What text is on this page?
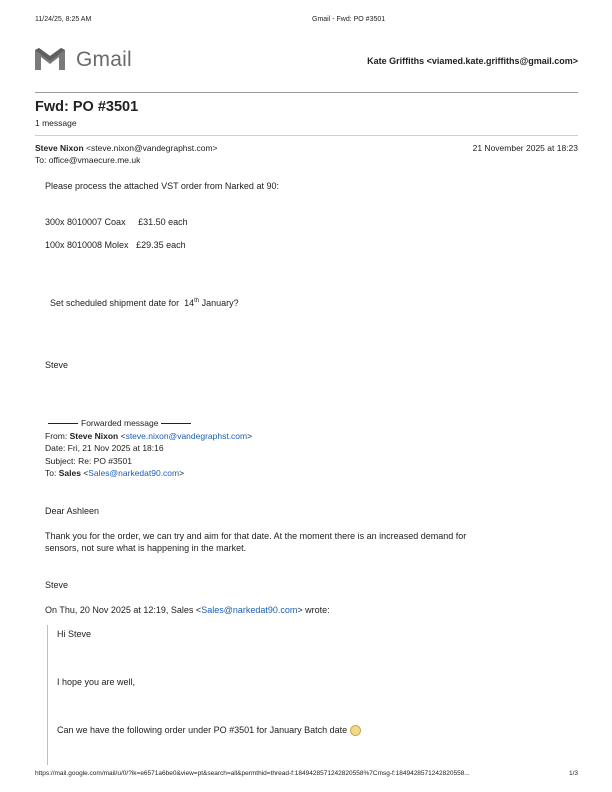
11/24/25, 8:25 AM	Gmail - Fwd: PO #3501
Gmail	Kate Griffiths <viamed.kate.griffiths@gmail.com>
Fwd: PO #3501
1 message
Steve Nixon <steve.nixon@vandegraphst.com>	21 November 2025 at 18:23
To: office@vmaecure.me.uk
Please process the attached VST order from Narked at 90:
300x 8010007 Coax     £31.50 each
100x 8010008 Molex   £29.35 each

Set scheduled shipment date for  14th January?

Steve
Forwarded message
From: Steve Nixon <steve.nixon@vandegraphst.com>
Date: Fri, 21 Nov 2025 at 18:16
Subject: Re: PO #3501
To: Sales <Sales@narkedat90.com>
Dear Ashleen
Thank you for the order, we can try and aim for that date. At the moment there is an increased demand for
sensors, not sure what is happening in the market.
Steve
On Thu, 20 Nov 2025 at 12:19, Sales <Sales@narkedat90.com> wrote:
Hi Steve
I hope you are well,
Can we have the following order under PO #3501 for January Batch date
https://mail.google.com/mail/u/0/?ik=e6571a6be0&view=pt&search=all&permthid=thread-f:1849428571242820558%7Cmsg-f:1849428571242820558...	1/3
